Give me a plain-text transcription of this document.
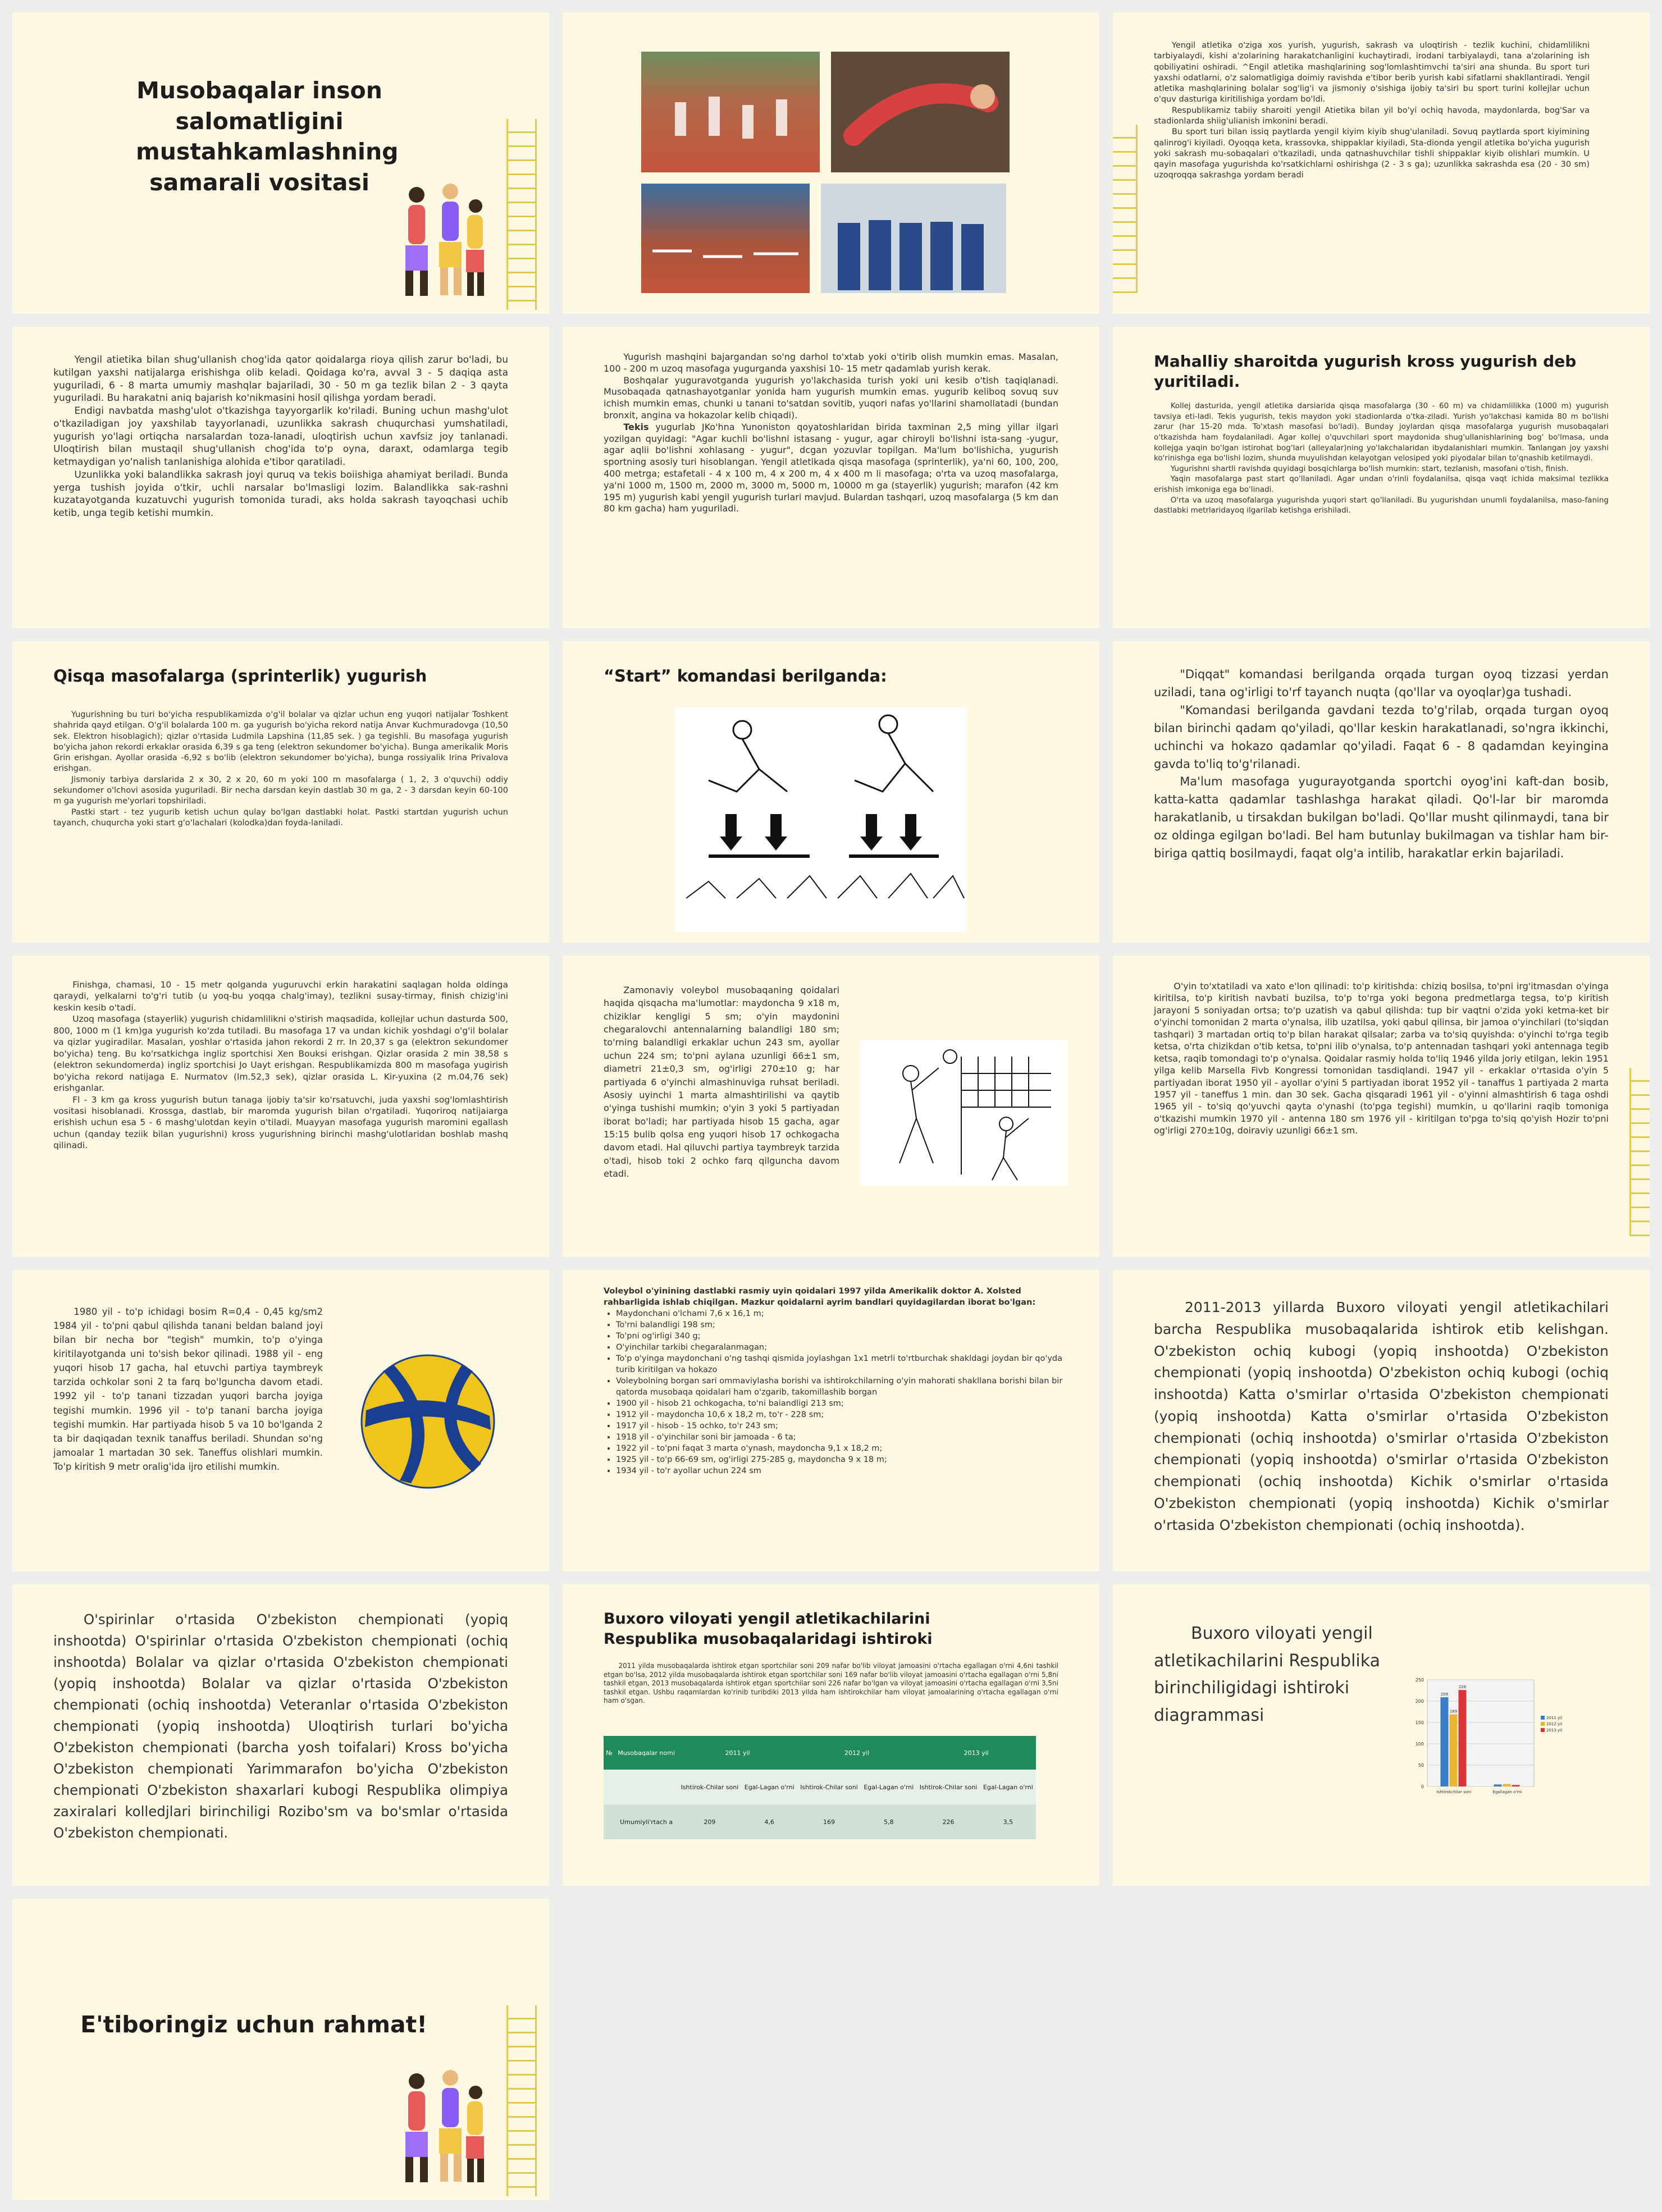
Musobaqalar inson salomatligini mustahkamlashning samarali vositasi

Yengil atletika o'ziga xos yurish, yugurish, sakrash va uloqtirish - tezlik kuchini, chidamlilikni tarbiyalaydi, kishi a'zolarining harakatchanligini kuchaytiradi, irodani tarbiyalaydi, tana a'zolarining ish qobiliyatini oshiradi. ^Engil atletika mashqlarining sog'lomlashtimvchi ta'siri ana shunda. Bu sport turi yaxshi odatlarni, o'z salomatligiga doimiy ravishda e'tibor berib yurish kabi sifatlarni shakllantiradi. Yengil atletika mashqlarining bolalar sog'lig'i va jismoniy o'sishiga ijobiy ta'siri bu sport turini kollejlar uchun o'quv dasturiga kiritilishiga yordam bo'ldi.

Respublikamiz tabiiy sharoiti yengil Atietika bilan yil bo'yi ochiq havoda, maydonlarda, bog'Sar va stadionlarda shiig'ulianish imkonini beradi.

Bu sport turi bilan issiq paytlarda yengil kiyim kiyib shug'ulaniladi. Sovuq paytlarda sport kiyimining qalinrog'i kiyiladi. Oyoqqa keta, krassovka, shippaklar kiyiladi, Sta-dionda yengil atletika bo'yicha yugurish yoki sakrash mu-sobaqalari o'tkaziladi, unda qatnashuvchilar tishli shippaklar kiyib olishlari mumkin. U qayin masofaga yugurishda ko'rsatkichlarni oshirishga (2 - 3 s ga); uzunlikka sakrashda esa (20 - 30 sm) uzoqroqqa sakrashga yordam beradi

Yengil atietika bilan shug'ullanish chog'ida qator qoidalarga rioya qilish zarur bo'ladi, bu kutilgan yaxshi natijalarga erishishga olib keladi. Qoidaga ko'ra, avval 3 - 5 daqiqa asta yuguriladi, 6 - 8 marta umumiy mashqlar bajariladi, 30 - 50 m ga tezlik bilan 2 - 3 qayta yuguriladi. Bu harakatni aniq bajarish ko'nikmasini hosil qilishga yordam beradi.

Endigi navbatda mashg'ulot o'tkazishga tayyorgarlik ko'riladi. Buning uchun mashg'ulot o'tkaziladigan joy yaxshilab tayyorlanadi, uzunlikka sakrash chuqurchasi yumshatiladi, yugurish yo'lagi ortiqcha narsalardan toza-lanadi, uloqtirish uchun xavfsiz joy tanlanadi. Uloqtirish bilan mustaqil shug'ullanish chog'ida to'p oyna, daraxt, odamlarga tegib ketmaydigan yo'nalish tanlanishiga alohida e'tibor qaratiladi.

Uzunlikka yoki balandlikka sakrash joyi quruq va tekis boiishiga ahamiyat beriladi. Bunda yerga tushish joyida o'tkir, uchli narsalar bo'lmasligi lozim. Balandlikka sak-rashni kuzatayotganda kuzatuvchi yugurish tomonida turadi, aks holda sakrash tayoqchasi uchib ketib, unga tegib ketishi mumkin.

Yugurish mashqini bajargandan so'ng darhol to'xtab yoki o'tirib olish mumkin emas. Masalan, 100 - 200 m uzoq masofaga yugurganda yaxshisi 10- 15 metr qadamlab yurish kerak.

Boshqalar yuguravotganda yugurish yo'lakchasida turish yoki uni kesib o'tish taqiqlanadi. Musobaqada qatnashayotganlar yonida ham yugurish mumkin emas. yugurib keliboq sovuq suv ichish mumkin emas, chunki u tanani to'satdan sovitib, yuqori nafas yo'llarini shamollatadi (bundan bronxit, angina va hokazolar kelib chiqadi).

Tekis yugurlab JKo'hna Yunoniston qoyatoshlaridan birida taxminan 2,5 ming yillar ilgari yozilgan quyidagi: "Agar kuchli bo'lishni istasang - yugur, agar chiroyli bo'lishni ista-sang -yugur, agar aqlii bo'lishni xohlasang - yugur", dcgan yozuvlar topilgan. Ma'lum bo'lishicha, yugurish sportning asosiy turi hisoblangan. Yengil atletikada qisqa masofaga (sprinterlik), ya'ni 60, 100, 200, 400 metrga; estafetali - 4 x 100 m, 4 x 200 m, 4 x 400 m li masofaga; o'rta va uzoq masofalarga, ya'ni 1000 m, 1500 m, 2000 m, 3000 m, 5000 m, 10000 m ga (stayerlik) yugurish; marafon (42 km 195 m) yugurish kabi yengil yugurish turlari mavjud. Bulardan tashqari, uzoq masofalarga (5 km dan 80 km gacha) ham yuguriladi.

Mahalliy sharoitda yugurish kross yugurish deb yuritiladi.

Kollej dasturida, yengil atletika darsiarida qisqa masofalarga (30 - 60 m) va chidamlilikka (1000 m) yugurish tavsiya eti-ladi. Tekis yugurish, tekis maydon yoki stadionlarda o'tka-ziladi. Yurish yo'lakchasi kamida 80 m bo'lishi zarur (har 15-20 mda. To'xtash masofasi bo'ladi). Bunday joylardan qisqa masofalarga yugurish musobaqalari o'tkazishda ham foydalaniladi. Agar kollej o'quvchilari sport maydonida shug'ullanishlarining bog' bo'lmasa, unda kollejga yaqin bo'lgan istirohat bog'lari (alleyalar)ning yo'lakchalaridan ibydalanishlari mumkin. Tanlangan joy yaxshi ko'rinishga ega bo'lishi lozim, shunda muyulishdan kelayotgan velosiped yoki piyodalar bilan to'qnashib ketilmaydi.

Yugurishni shartli ravishda quyidagi bosqichlarga bo'lish mumkin: start, tezlanish, masofani o'tish, finish.

Yaqin masofalarga past start qo'llaniladi. Agar undan o'rinli foydalanilsa, qisqa vaqt ichida maksimal tezlikka erishish imkoniga ega bo'linadi.

O'rta va uzoq masofalarga yugurishda yuqori start qo'llaniladi. Bu yugurishdan unumli foydalanilsa, maso-faning dastlabki metrlaridayoq ilgarilab ketishga erishiladi.

Qisqa masofalarga (sprinterlik) yugurish

Yugurishning bu turi bo'yicha respublikamizda o'g'il bolalar va qizlar uchun eng yuqori natijalar Toshkent shahrida qayd etilgan. O'g'il bolalarda 100 m. ga yugurish bo'yicha rekord natija Anvar Kuchmuradovga (10,50 sek. Elektron hisoblagich); qizlar o'rtasida Ludmila Lapshina (11,85 sek. ) ga tegishli. Bu masofaga yugurish bo'yicha jahon rekordi erkaklar orasida 6,39 s ga teng (elektron sekundomer bo'yicha). Bunga amerikalik Moris Grin erishgan. Ayollar orasida -6,92 s bo'lib (elektron sekundomer bo'yicha), bunga rossiyalik Irina Privalova erishgan.

Jismoniy tarbiya darslarida 2 x 30, 2 x 20, 60 m yoki 100 m masofalarga ( 1, 2, 3 o'quvchi) oddiy sekundomer o'lchovi asosida yuguriladi. Bir necha darsdan keyin dastlab 30 m ga, 2 - 3 darsdan keyin 60-100 m ga yugurish me'yorlari topshiriladi.

Pastki start - tez yugurib ketish uchun qulay bo'lgan dastlabki holat. Pastki startdan yugurish uchun tayanch, chuqurcha yoki start g'o'lachalari (kolodka)dan foyda-laniladi.

“Start” komandasi berilganda:	"Diqqat" komandasi berilganda orqada turgan oyoq tizzasi yerdan uziladi, tana og'irligi to'rf tayanch nuqta (qo'llar va oyoqlar)ga tushadi.

"Komandasi berilganda gavdani tezda to'g'rilab, orqada turgan oyoq bilan birinchi qadam qo'yiladi, qo'llar keskin harakatlanadi, so'ngra ikkinchi, uchinchi va hokazo qadamlar qo'yiladi. Faqat 6 - 8 qadamdan keyingina gavda to'liq to'g'rilanadi.

Ma'lum masofaga yugurayotganda sportchi oyog'ini kaft-dan bosib, katta-katta qadamlar tashlashga harakat qiladi. Qo'l-lar bir maromda harakatlanib, u tirsakdan bukilgan bo'ladi. Qo'llar musht qilinmaydi, tana bir oz oldinga egilgan bo'ladi. Bel ham butunlay bukilmagan va tishlar ham bir-biriga qattiq bosilmaydi, faqat olg'a intilib, harakatlar erkin bajariladi.

Finishga, chamasi, 10 - 15 metr qolganda yuguruvchi erkin harakatini saqlagan holda oldinga qaraydi, yelkalarni to'g'ri tutib (u yoq-bu yoqqa chalg'imay), tezlikni susay-tirmay, finish chizig'ini keskin kesib o'tadi.

Uzoq masofaga (stayerlik) yugurish chidamlilikni o'stirish maqsadida, kollejlar uchun dasturda 500, 800, 1000 m (1 km)ga yugurish ko'zda tutiladi. Bu masofaga 17 va undan kichik yoshdagi o'g'il bolalar va qizlar yugiradilar. Masalan, yoshlar o'rtasida jahon rekordi 2 rr. In 20,37 s ga (elektron sekundomer bo'yicha) teng. Bu ko'rsatkichga ingliz sportchisi Xen Bouksi erishgan. Qizlar orasida 2 min 38,58 s (elektron sekundomerda) ingliz sportchisi Jo Uayt erishgan. Respublikamizda 800 m masofaga yugirish bo'yicha rekord natijaga E. Nurmatov (lm.52,3 sek), qizlar orasida L. Kir-yuxina (2 m.04,76 sek) erishganlar.

Fl - 3 km ga kross yugurish butun tanaga ijobiy ta'sir ko'rsatuvchi, juda yaxshi sog'lomlashtirish vositasi hisoblanadi. Krossga, dastlab, bir maromda yugurish bilan o'rgatiladi. Yuqoriroq natijaiarga erishish uchun esa 5 - 6 mashg'ulotdan keyin o'tiladi. Muayyan masofaga yugurish maromini egallash uchun (qanday teziik bilan yugurishni) kross yugurishning birinchi mashg'ulotlaridan boshlab mashq qilinadi.

Zamonaviy voleybol musobaqaning qoidalari haqida qisqacha ma'lumotlar: maydoncha 9 x18 m, chiziklar kengligi 5 sm; o'yin maydonini chegaralovchi antennalarning balandligi 180 sm; to'rning balandligi erkaklar uchun 243 sm, ayollar uchun 224 sm; to'pni aylana uzunligi 66±1 sm, diametri 21±0,3 sm, og'irligi 270±10 g; har partiyada 6 o'yinchi almashinuviga ruhsat beriladi. Asosiy uyinchi 1 marta almashtirilishi va qaytib o'yinga tushishi mumkin; o'yin 3 yoki 5 partiyadan iborat bo'ladi; har partiyada hisob 15 gacha, agar 15:15 bulib qolsa eng yuqori hisob 17 ochkogacha davom etadi. Hal qiluvchi partiya taymbreyk tarzida o'tadi, hisob toki 2 ochko farq qilguncha davom etadi.

O'yin to'xtatiladi va xato e'lon qilinadi: to'p kiritishda: chiziq bosilsa, to'pni irg'itmasdan o'yinga kiritilsa, to'p kiritish navbati buzilsa, to'p to'rga yoki begona predmetlarga tegsa, to'p kiritish jarayoni 5 soniyadan ortsa; to'p uzatish va qabul qilishda: tup bir vaqtni o'zida yoki ketma-ket bir o'yinchi tomonidan 2 marta o'ynalsa, ilib uzatilsa, yoki qabul qilinsa, bir jamoa o'yinchilari (to'siqdan tashqari) 3 martadan ortiq to'p bilan harakat qilsalar; zarba va to'siq quyishda: o'yinchi to'rga tegib ketsa, o'rta chizikdan o'tib ketsa, to'pni ilib o'ynalsa, to'p antennadan tashqari yoki antennaga tegib ketsa, raqib tomondagi to'p o'ynalsa. Qoidalar rasmiy holda to'liq 1946 yilda joriy etilgan, lekin 1951 yilga kelib Marsella Fivb Kongressi tomonidan tasdiqlandi. 1947 yil - erkaklar o'rtasida o'yin 5 partiyadan iborat 1950 yil - ayollar o'yini 5 partiyadan iborat 1952 yil - tanaffus 1 partiyada 2 marta 1957 yil - taneffus 1 min. dan 30 sek. Gacha qisqaradi 1961 yil - o'yinni almashtirish 6 taga oshdi 1965 yil - to'siq qo'yuvchi qayta o'ynashi (to'pga tegishi) mumkin, u qo'llarini raqib tomoniga o'tkazishi mumkin 1970 yil - antenna 180 sm 1976 yil - kiritilgan to'pga to'siq qo'yish Hozir to'pni og'irligi 270±10g, doiraviy uzunligi 66±1 sm.

1980 yil - to'p ichidagi bosim R=0,4 - 0,45 kg/sm2 1984 yil - to'pni qabul qilishda tanani beldan baland joyi bilan bir necha bor "tegish" mumkin, to'p o'yinga kiritilayotganda uni to'sish bekor qilinadi. 1988 yil - eng yuqori hisob 17 gacha, hal etuvchi partiya taymbreyk tarzida ochkolar soni 2 ta farq bo'lguncha davom etadi. 1992 yil - to'p tanani tizzadan yuqori barcha joyiga tegishi mumkin. 1996 yil - to'p tanani barcha joyiga tegishi mumkin. Har partiyada hisob 5 va 10 bo'lganda 2 ta bir daqiqadan texnik tanaffus beriladi. Shundan so'ng jamoalar 1 martadan 30 sek. Taneffus olishlari mumkin. To'p kiritish 9 metr oralig'ida ijro etilishi mumkin.

Voleybol o'yinining dastlabki rasmiy uyin qoidalari 1997 yilda Amerikalik doktor A. Xolsted rahbarligida ishlab chiqilgan. Mazkur qoidalarni ayrim bandlari quyidagilardan iborat bo'lgan:
• Maydonchani o'lchami 7,6 x 16,1 m;
• To'rni balandligi 198 sm;
• To'pni og'irligi 340 g;
• O'yinchilar tarkibi chegaralanmagan;
• To'p o'yinga maydonchani o'ng tashqi qismida joylashgan 1x1 metrli to'rtburchak shakldagi joydan bir qo'yda turib kiritilgan va hokazo
• Voleybolning borgan sari ommaviylasha borishi va ishtirokchilarning o'yin mahorati shakllana borishi bilan bir qatorda musobaqa qoidalari ham o'zgarib, takomillashib borgan
• 1900 yil - hisob 21 ochkogacha, to'ni baiandligi 213 sm;
• 1912 yil - maydoncha 10,6 x 18,2 m, to'r - 228 sm;
• 1917 yil - hisob - 15 ochko, to'r 243 sm;
• 1918 yil - o'yinchilar soni bir jamoada - 6 ta;
• 1922 yil - to'pni faqat 3 marta o'ynash, maydoncha 9,1 x 18,2 m;
• 1925 yil - to'p 66-69 sm, og'irligi 275-285 g, maydoncha 9 x 18 m;
• 1934 yil - to'r ayollar uchun 224 sm

2011-2013 yillarda Buxoro viloyati yengil atletikachilari barcha Respublika musobaqalarida ishtirok etib kelishgan. O'zbekiston ochiq kubogi (yopiq inshootda) O'zbekiston chempionati (yopiq inshootda) O'zbekiston ochiq kubogi (ochiq inshootda) Katta o'smirlar o'rtasida O'zbekiston chempionati (yopiq inshootda) Katta o'smirlar o'rtasida O'zbekiston chempionati (ochiq inshootda) o'smirlar o'rtasida O'zbekiston chempionati (yopiq inshootda) o'smirlar o'rtasida O'zbekiston chempionati (ochiq inshootda) Kichik o'smirlar o'rtasida O'zbekiston chempionati (yopiq inshootda) Kichik o'smirlar o'rtasida O'zbekiston chempionati (ochiq inshootda).

O'spirinlar o'rtasida O'zbekiston chempionati (yopiq inshootda) O'spirinlar o'rtasida O'zbekiston chempionati (ochiq inshootda) Bolalar va qizlar o'rtasida O'zbekiston chempionati (yopiq inshootda) Bolalar va qizlar o'rtasida O'zbekiston chempionati (ochiq inshootda) Veteranlar o'rtasida O'zbekiston chempionati (yopiq inshootda) Uloqtirish turlari bo'yicha O'zbekiston chempionati (barcha yosh toifalari) Kross bo'yicha O'zbekiston chempionati Yarimmarafon bo'yicha O'zbekiston chempionati O'zbekiston shaxarlari kubogi Respublika olimpiya zaxiralari kolledjlari birinchiligi Rozibo'sm va bo'smlar o'rtasida O'zbekiston chempionati.

Buxoro viloyati yengil atletikachilarini Respublika musobaqalaridagi ishtiroki

2011 yilda musobaqalarda ishtirok etgan sportchilar soni 209 nafar bo'lib viloyat jamoasini o'rtacha egallagan o'rni 4,6ni tashkil etgan bo'lsa, 2012 yilda musobaqalarda ishtirok etgan sportchilar soni 169 nafar bo'lib viloyat jamoasini o'rtacha egallagan o'rni 5,8ni tashkil etgan, 2013 musobaqalarda ishtirok etgan sportchilar soni 226 nafar bo'lgan va viloyat jamoasini o'rtacha egallagan o'rni 3,5ni tashkil etgan. Ushbu raqamlardan ko'rinib turibdiki 2013 yilda ham ishtirokchilar ham viloyat jamoalarining o'rtacha egallagan o'rni ham o'sgan.

№	Musobaqalar nomi	2011 yil		2012 yil		2013 yil	
		Ishtirok-Chilar soni	Egal-Lagan o'rni	Ishtirok-Chilar soni	Egal-Lagan o'rni	Ishtirok-Chilar soni	Egal-Lagan o'rni
	Umumiyli'rtach a	209	4,6	169	5,8	226	3,5

Buxoro viloyati yengil atletikachilarini Respublika birinchiligidagi ishtiroki diagrammasi

0
50
100
150
200
250
209
169
226
Ishtirokchilar soni	Egallagan o'rni
2011 yil
2012 yil
2013 yil
E'tiboringiz uchun rahmat!
